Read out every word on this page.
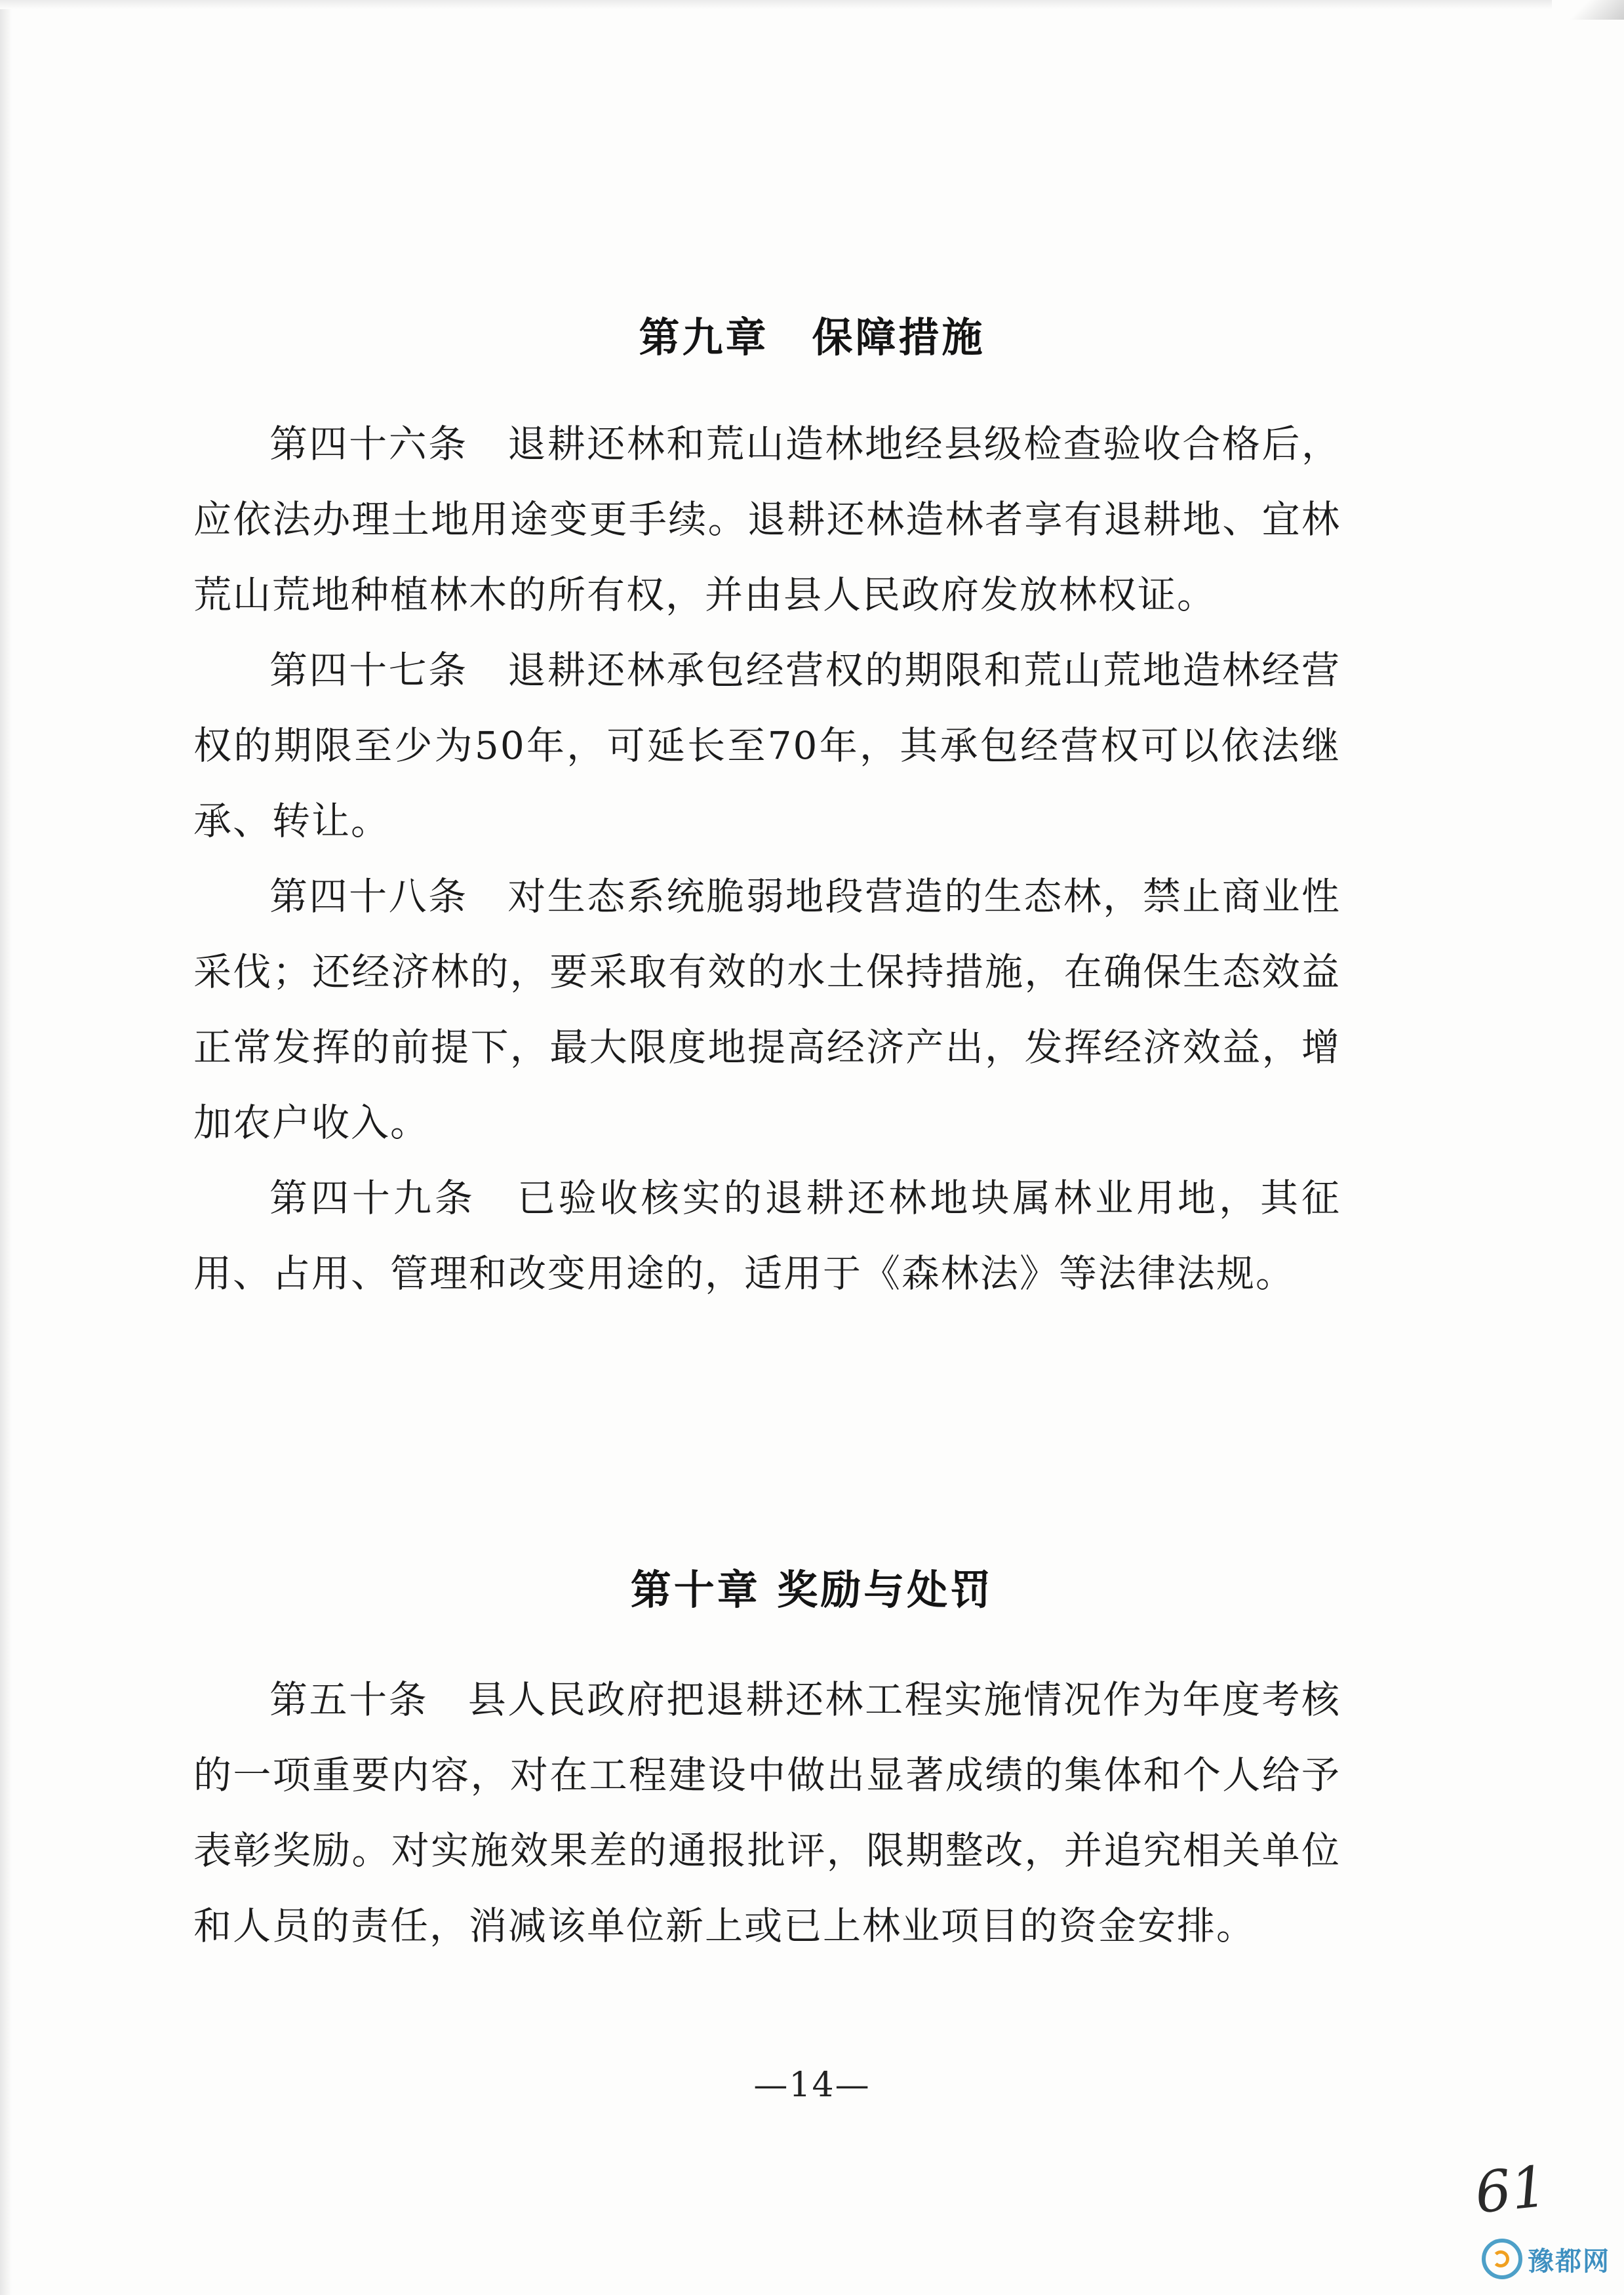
第九章　保障措施

第四十六条　退耕还林和荒山造林地经县级检查验收合格后，应依法办理土地用途变更手续。退耕还林造林者享有退耕地、宜林荒山荒地种植林木的所有权，并由县人民政府发放林权证。

第四十七条　退耕还林承包经营权的期限和荒山荒地造林经营权的期限至少为50年，可延长至70年，其承包经营权可以依法继承、转让。

第四十八条　对生态系统脆弱地段营造的生态林，禁止商业性采伐；还经济林的，要采取有效的水土保持措施，在确保生态效益正常发挥的前提下，最大限度地提高经济产出，发挥经济效益，增加农户收入。

第四十九条　已验收核实的退耕还林地块属林业用地，其征用、占用、管理和改变用途的，适用于《森林法》等法律法规。

第十章 奖励与处罚

第五十条　县人民政府把退耕还林工程实施情况作为年度考核的一项重要内容，对在工程建设中做出显著成绩的集体和个人给予表彰奖励。对实施效果差的通报批评，限期整改，并追究相关单位和人员的责任，消减该单位新上或已上林业项目的资金安排。

—14—
61
豫都网
